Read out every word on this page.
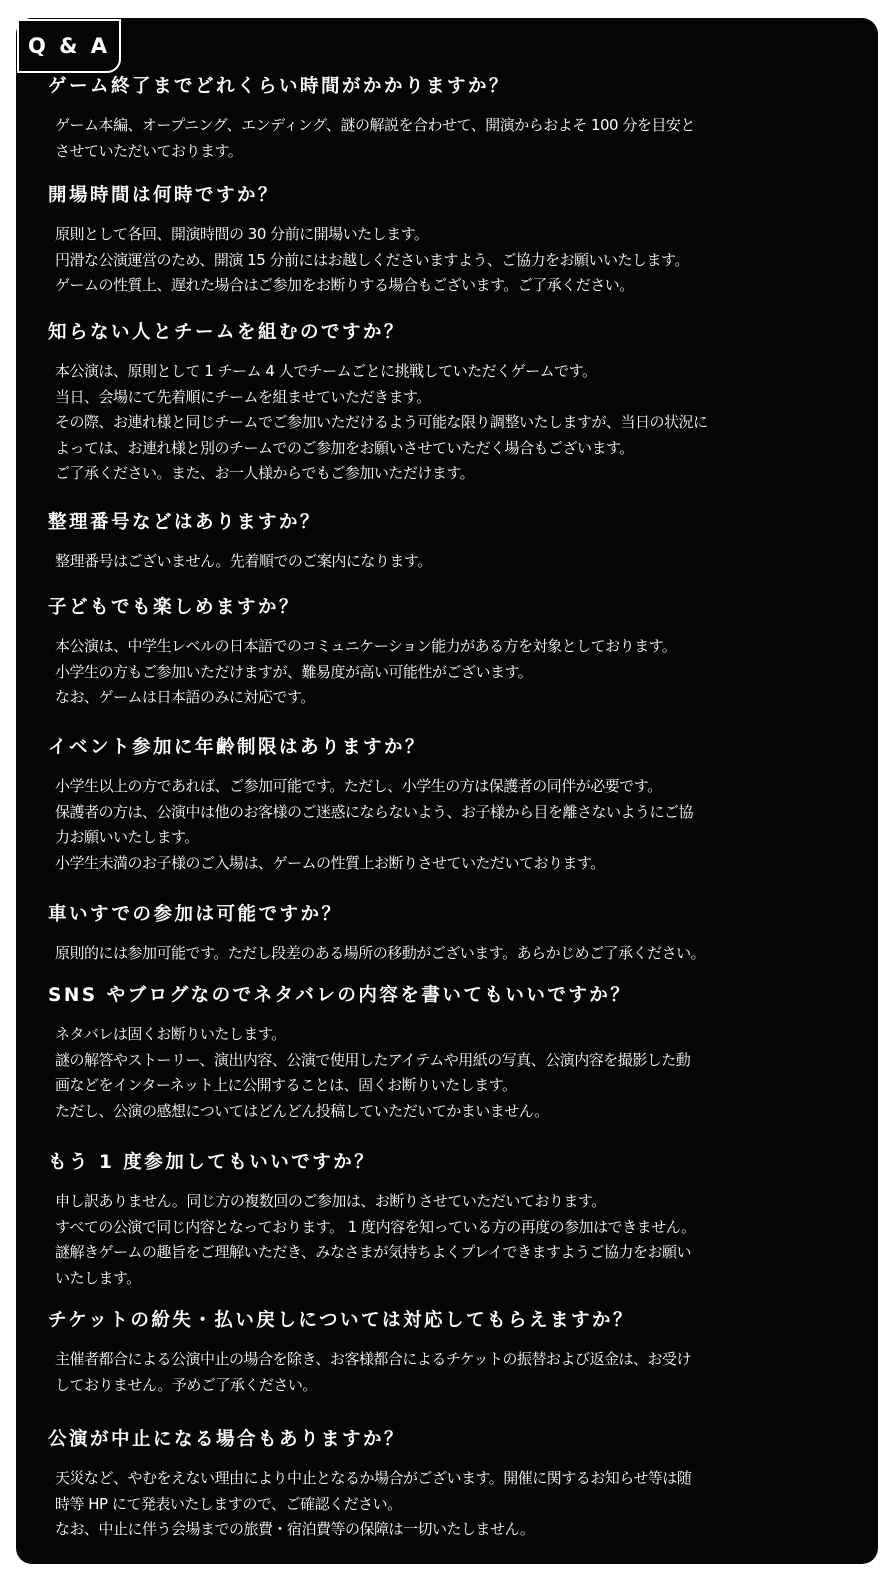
Q & A
ゲーム終了までどれくらい時間がかかりますか？
ゲーム本編、オープニング、エンディング、謎の解説を合わせて、開演からおよそ 100 分を目安と
させていただいております。
開場時間は何時ですか？
原則として各回、開演時間の 30 分前に開場いたします。
円滑な公演運営のため、開演 15 分前にはお越しくださいますよう、ご協力をお願いいたします。
ゲームの性質上、遅れた場合はご参加をお断りする場合もございます。ご了承ください。
知らない人とチームを組むのですか？
本公演は、原則として 1 チーム 4 人でチームごとに挑戦していただくゲームです。
当日、会場にて先着順にチームを組ませていただきます。
その際、お連れ様と同じチームでご参加いただけるよう可能な限り調整いたしますが、当日の状況に
よっては、お連れ様と別のチームでのご参加をお願いさせていただく場合もございます。
ご了承ください。また、お一人様からでもご参加いただけます。
整理番号などはありますか？
整理番号はございません。先着順でのご案内になります。
子どもでも楽しめますか？
本公演は、中学生レベルの日本語でのコミュニケーション能力がある方を対象としております。
小学生の方もご参加いただけますが、難易度が高い可能性がございます。
なお、ゲームは日本語のみに対応です。
イベント参加に年齢制限はありますか？
小学生以上の方であれば、ご参加可能です。ただし、小学生の方は保護者の同伴が必要です。
保護者の方は、公演中は他のお客様のご迷惑にならないよう、お子様から目を離さないようにご協
力お願いいたします。
小学生未満のお子様のご入場は、ゲームの性質上お断りさせていただいております。
車いすでの参加は可能ですか？
原則的には参加可能です。ただし段差のある場所の移動がございます。あらかじめご了承ください。
SNS やブログなのでネタバレの内容を書いてもいいですか？
ネタバレは固くお断りいたします。
謎の解答やストーリー、演出内容、公演で使用したアイテムや用紙の写真、公演内容を撮影した動
画などをインターネット上に公開することは、固くお断りいたします。
ただし、公演の感想についてはどんどん投稿していただいてかまいません。
もう 1 度参加してもいいですか？
申し訳ありません。同じ方の複数回のご参加は、お断りさせていただいております。
すべての公演で同じ内容となっております。 1 度内容を知っている方の再度の参加はできません。
謎解きゲームの趣旨をご理解いただき、みなさまが気持ちよくプレイできますようご協力をお願い
いたします。
チケットの紛失・払い戻しについては対応してもらえますか？
主催者都合による公演中止の場合を除き、お客様都合によるチケットの振替および返金は、お受け
しておりません。予めご了承ください。
公演が中止になる場合もありますか？
天災など、やむをえない理由により中止となるか場合がございます。開催に関するお知らせ等は随
時等 HP にて発表いたしますので、ご確認ください。
なお、中止に伴う会場までの旅費・宿泊費等の保障は一切いたしません。
